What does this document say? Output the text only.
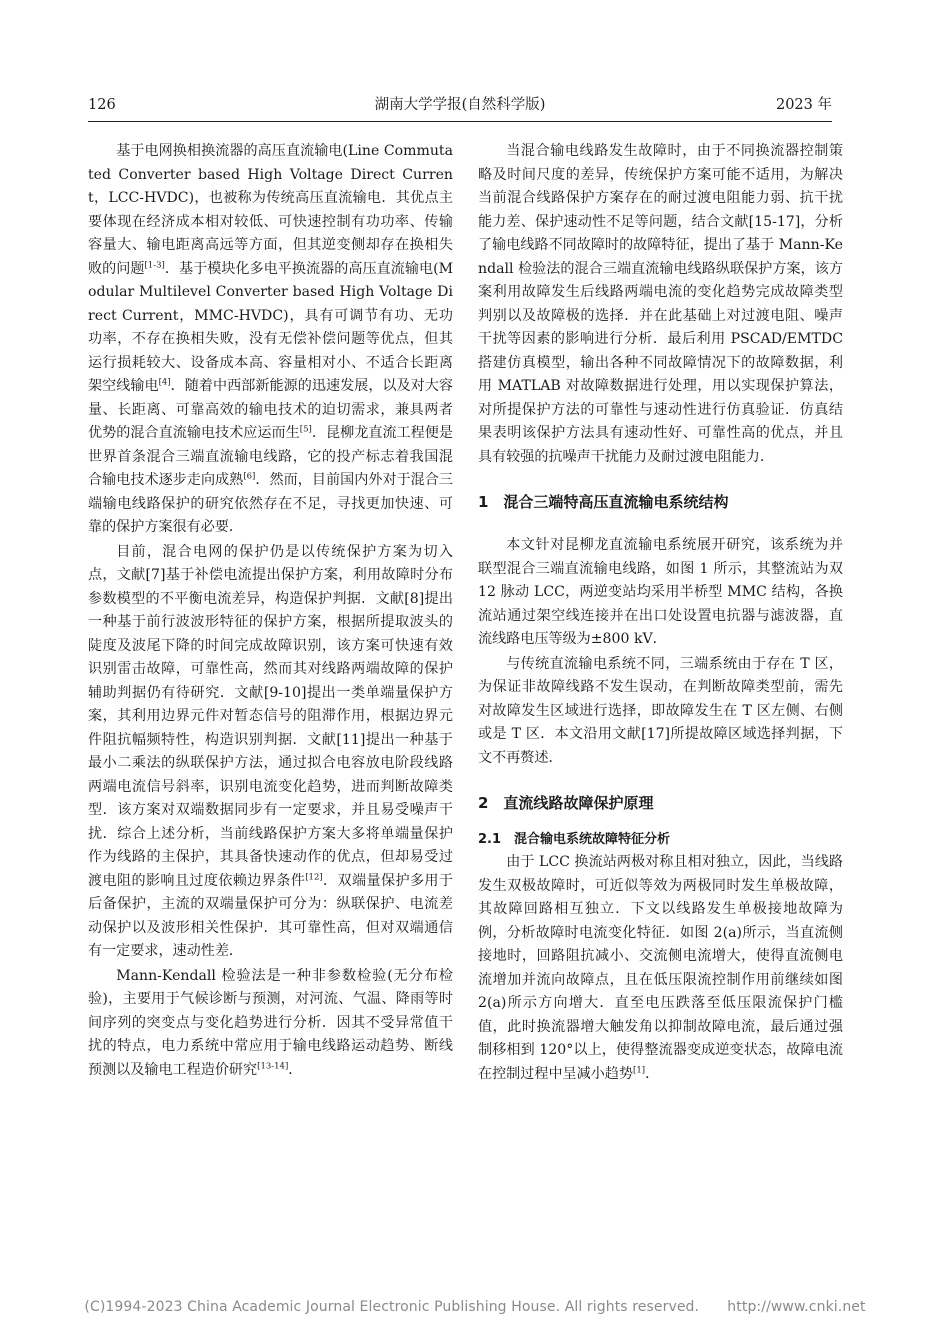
126	湖南大学学报(自然科学版)	2023 年

基于电网换相换流器的高压直流输电(Line Commutated Converter based High Voltage Direct Current，LCC-HVDC)，也被称为传统高压直流输电．其优点主要体现在经济成本相对较低、可快速控制有功功率、传输容量大、输电距离高远等方面，但其逆变侧却存在换相失败的问题[1-3]．基于模块化多电平换流器的高压直流输电(Modular Multilevel Converter based High Voltage Direct Current，MMC-HVDC)，具有可调节有功、无功功率，不存在换相失败，没有无偿补偿问题等优点，但其运行损耗较大、设备成本高、容量相对小、不适合长距离架空线输电[4]．随着中西部新能源的迅速发展，以及对大容量、长距离、可靠高效的输电技术的迫切需求，兼具两者优势的混合直流输电技术应运而生[5]．昆柳龙直流工程便是世界首条混合三端直流输电线路，它的投产标志着我国混合输电技术逐步走向成熟[6]．然而，目前国内外对于混合三端输电线路保护的研究依然存在不足，寻找更加快速、可靠的保护方案很有必要．

目前，混合电网的保护仍是以传统保护方案为切入点，文献[7]基于补偿电流提出保护方案，利用故障时分布参数模型的不平衡电流差异，构造保护判据．文献[8]提出一种基于前行波波形特征的保护方案，根据所提取波头的陡度及波尾下降的时间完成故障识别，该方案可快速有效识别雷击故障，可靠性高，然而其对线路两端故障的保护辅助判据仍有待研究．文献[9-10]提出一类单端量保护方案，其利用边界元件对暂态信号的阻滞作用，根据边界元件阻抗幅频特性，构造识别判据．文献[11]提出一种基于最小二乘法的纵联保护方法，通过拟合电容放电阶段线路两端电流信号斜率，识别电流变化趋势，进而判断故障类型．该方案对双端数据同步有一定要求，并且易受噪声干扰．综合上述分析，当前线路保护方案大多将单端量保护作为线路的主保护，其具备快速动作的优点，但却易受过渡电阻的影响且过度依赖边界条件[12]．双端量保护多用于后备保护，主流的双端量保护可分为：纵联保护、电流差动保护以及波形相关性保护．其可靠性高，但对双端通信有一定要求，速动性差．

Mann-Kendall 检验法是一种非参数检验(无分布检验)，主要用于气候诊断与预测，对河流、气温、降雨等时间序列的突变点与变化趋势进行分析．因其不受异常值干扰的特点，电力系统中常应用于输电线路运动趋势、断线预测以及输电工程造价研究[13-14]．

当混合输电线路发生故障时，由于不同换流器控制策略及时间尺度的差异，传统保护方案可能不适用，为解决当前混合线路保护方案存在的耐过渡电阻能力弱、抗干扰能力差、保护速动性不足等问题，结合文献[15-17]，分析了输电线路不同故障时的故障特征，提出了基于 Mann-Kendall 检验法的混合三端直流输电线路纵联保护方案，该方案利用故障发生后线路两端电流的变化趋势完成故障类型判别以及故障极的选择．并在此基础上对过渡电阻、噪声干扰等因素的影响进行分析．最后利用 PSCAD/EMTDC 搭建仿真模型，输出各种不同故障情况下的故障数据，利用 MATLAB 对故障数据进行处理，用以实现保护算法，对所提保护方法的可靠性与速动性进行仿真验证．仿真结果表明该保护方法具有速动性好、可靠性高的优点，并且具有较强的抗噪声干扰能力及耐过渡电阻能力．

1　混合三端特高压直流输电系统结构

本文针对昆柳龙直流输电系统展开研究，该系统为并联型混合三端直流输电线路，如图 1 所示，其整流站为双 12 脉动 LCC，两逆变站均采用半桥型 MMC 结构，各换流站通过架空线连接并在出口处设置电抗器与滤波器，直流线路电压等级为±800 kV．

与传统直流输电系统不同，三端系统由于存在 T 区，为保证非故障线路不发生误动，在判断故障类型前，需先对故障发生区域进行选择，即故障发生在 T 区左侧、右侧或是 T 区．本文沿用文献[17]所提故障区域选择判据，下文不再赘述．

2　直流线路故障保护原理

2.1　混合输电系统故障特征分析

由于 LCC 换流站两极对称且相对独立，因此，当线路发生双极故障时，可近似等效为两极同时发生单极故障，其故障回路相互独立．下文以线路发生单极接地故障为例，分析故障时电流变化特征．如图 2(a)所示，当直流侧接地时，回路阻抗减小、交流侧电流增大，使得直流侧电流增加并流向故障点，且在低压限流控制作用前继续如图 2(a)所示方向增大．直至电压跌落至低压限流保护门槛值，此时换流器增大触发角以抑制故障电流，最后通过强制移相到 120°以上，使得整流器变成逆变状态，故障电流在控制过程中呈减小趋势[1]．

(C)1994-2023 China Academic Journal Electronic Publishing House. All rights reserved.　　http://www.cnki.net
